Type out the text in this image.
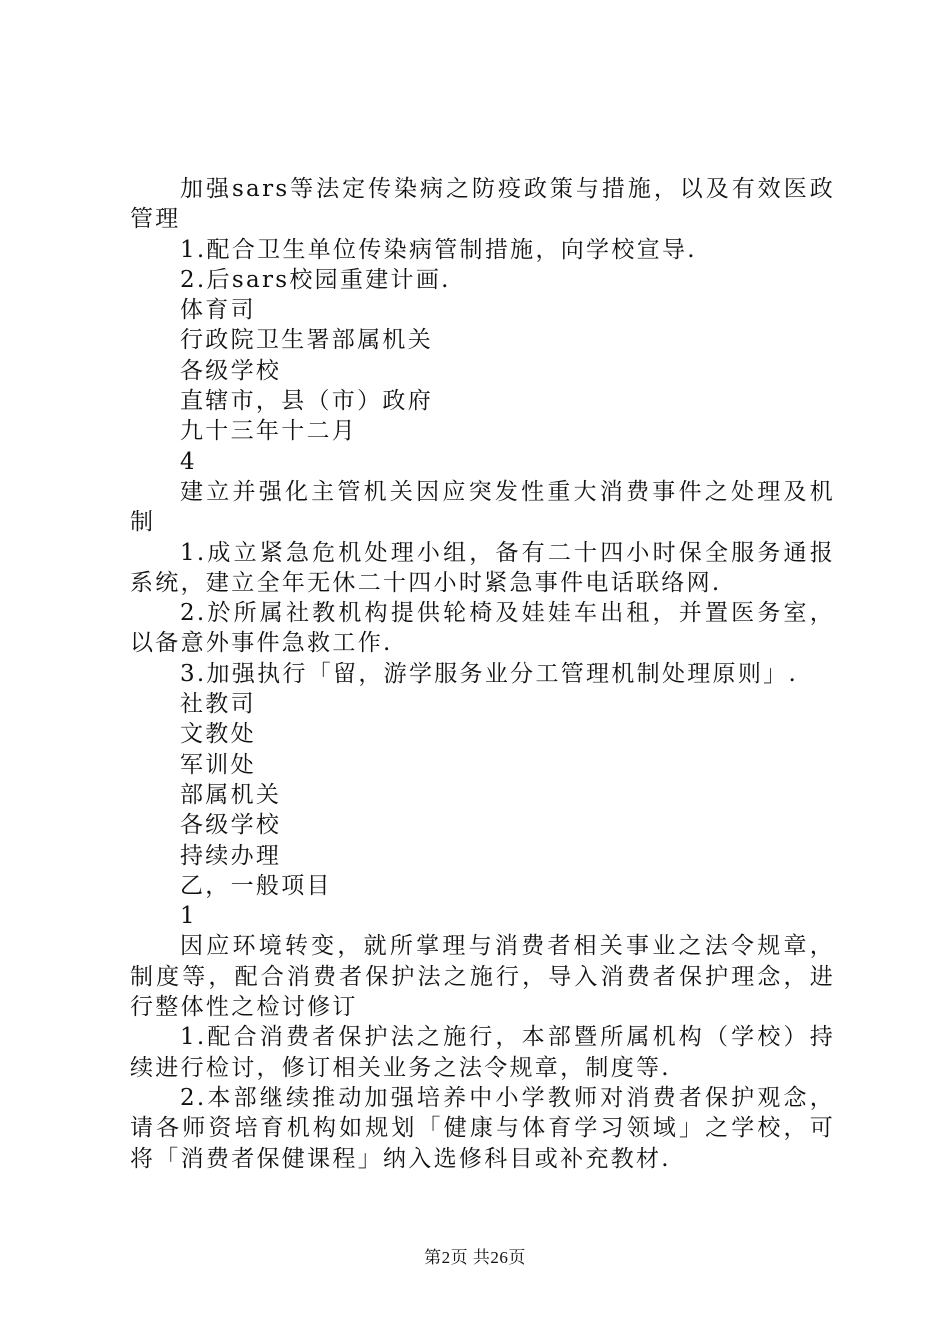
加强sars等法定传染病之防疫政策与措施，以及有效医政管理

1.配合卫生单位传染病管制措施，向学校宣导.

2.后sars校园重建计画.

体育司

行政院卫生署部属机关

各级学校

直辖市，县（市）政府

九十三年十二月

4

建立并强化主管机关因应突发性重大消费事件之处理及机制

1.成立紧急危机处理小组，备有二十四小时保全服务通报系统，建立全年无休二十四小时紧急事件电话联络网.

2.於所属社教机构提供轮椅及娃娃车出租，并置医务室，以备意外事件急救工作.

3.加强执行「留，游学服务业分工管理机制处理原则」.

社教司

文教处

军训处

部属机关

各级学校

持续办理

乙，一般项目

1

因应环境转变，就所掌理与消费者相关事业之法令规章，制度等，配合消费者保护法之施行，导入消费者保护理念，进行整体性之检讨修订

1.配合消费者保护法之施行，本部暨所属机构（学校）持续进行检讨，修订相关业务之法令规章，制度等.

2.本部继续推动加强培养中小学教师对消费者保护观念，请各师资培育机构如规划「健康与体育学习领域」之学校，可将「消费者保健课程」纳入选修科目或补充教材.

第2页 共26页
